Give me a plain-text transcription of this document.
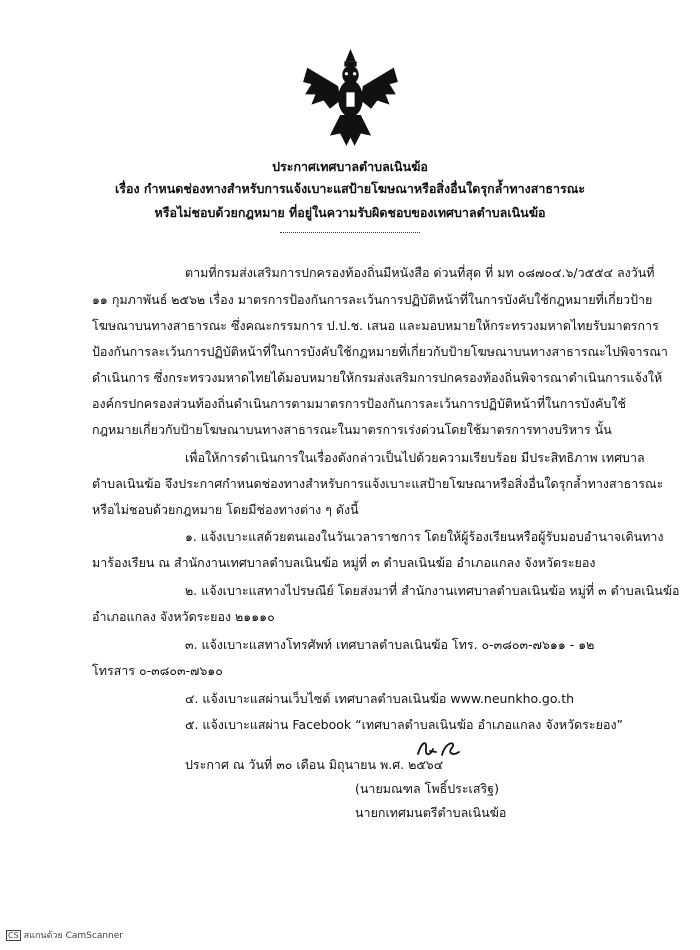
ประกาศเทศบาลตำบลเนินฆ้อ
เรื่อง กำหนดช่องทางสำหรับการแจ้งเบาะแสป้ายโฆษณาหรือสิ่งอื่นใดรุกล้ำทางสาธารณะ
หรือไม่ชอบด้วยกฎหมาย ที่อยู่ในความรับผิดชอบของเทศบาลตำบลเนินฆ้อ
ตามที่กรมส่งเสริมการปกครองท้องถิ่นมีหนังสือ ด่วนที่สุด ที่ มท ๐๘๗๐๔.๖/ว๕๕๔ ลงวันที่
๑๑ กุมภาพันธ์ ๒๕๖๒ เรื่อง มาตรการป้องกันการละเว้นการปฏิบัติหน้าที่ในการบังคับใช้กฎหมายที่เกี่ยวป้าย
โฆษณาบนทางสาธารณะ ซึ่งคณะกรรมการ ป.ป.ช. เสนอ และมอบหมายให้กระทรวงมหาดไทยรับมาตรการ
ป้องกันการละเว้นการปฏิบัติหน้าที่ในการบังคับใช้กฎหมายที่เกี่ยวกับป้ายโฆษณาบนทางสาธารณะไปพิจารณา
ดำเนินการ ซึ่งกระทรวงมหาดไทยได้มอบหมายให้กรมส่งเสริมการปกครองท้องถิ่นพิจารณาดำเนินการแจ้งให้
องค์กรปกครองส่วนท้องถิ่นดำเนินการตามมาตรการป้องกันการละเว้นการปฏิบัติหน้าที่ในการบังคับใช้
กฎหมายเกี่ยวกับป้ายโฆษณาบนทางสาธารณะในมาตรการเร่งด่วนโดยใช้มาตรการทางบริหาร นั้น
เพื่อให้การดำเนินการในเรื่องดังกล่าวเป็นไปด้วยความเรียบร้อย มีประสิทธิภาพ เทศบาล
ตำบลเนินฆ้อ จึงประกาศกำหนดช่องทางสำหรับการแจ้งเบาะแสป้ายโฆษณาหรือสิ่งอื่นใดรุกล้ำทางสาธารณะ
หรือไม่ชอบด้วยกฎหมาย โดยมีช่องทางต่าง ๆ ดังนี้
๑. แจ้งเบาะแสด้วยตนเองในวันเวลาราชการ โดยให้ผู้ร้องเรียนหรือผู้รับมอบอำนาจเดินทาง
มาร้องเรียน ณ สำนักงานเทศบาลตำบลเนินฆ้อ หมู่ที่ ๓ ตำบลเนินฆ้อ อำเภอแกลง จังหวัดระยอง
๒. แจ้งเบาะแสทางไปรษณีย์ โดยส่งมาที่ สำนักงานเทศบาลตำบลเนินฆ้อ หมู่ที่ ๓ ตำบลเนินฆ้อ
อำเภอแกลง จังหวัดระยอง ๒๑๑๑๐
๓. แจ้งเบาะแสทางโทรศัพท์ เทศบาลตำบลเนินฆ้อ โทร. ๐-๓๘๐๓-๗๖๑๑ - ๑๒
โทรสาร ๐-๓๘๐๓-๗๖๑๐
๔. แจ้งเบาะแสผ่านเว็บไซต์ เทศบาลตำบลเนินฆ้อ www.neunkho.go.th
๕. แจ้งเบาะแสผ่าน Facebook “เทศบาลตำบลเนินฆ้อ อำเภอแกลง จังหวัดระยอง”
ประกาศ ณ วันที่ ๓๐ เดือน มิถุนายน พ.ศ. ๒๕๖๔
(นายมณฑล โพธิ์ประเสริฐ)
นายกเทศมนตรีตำบลเนินฆ้อ
CS สแกนด้วย CamScanner
